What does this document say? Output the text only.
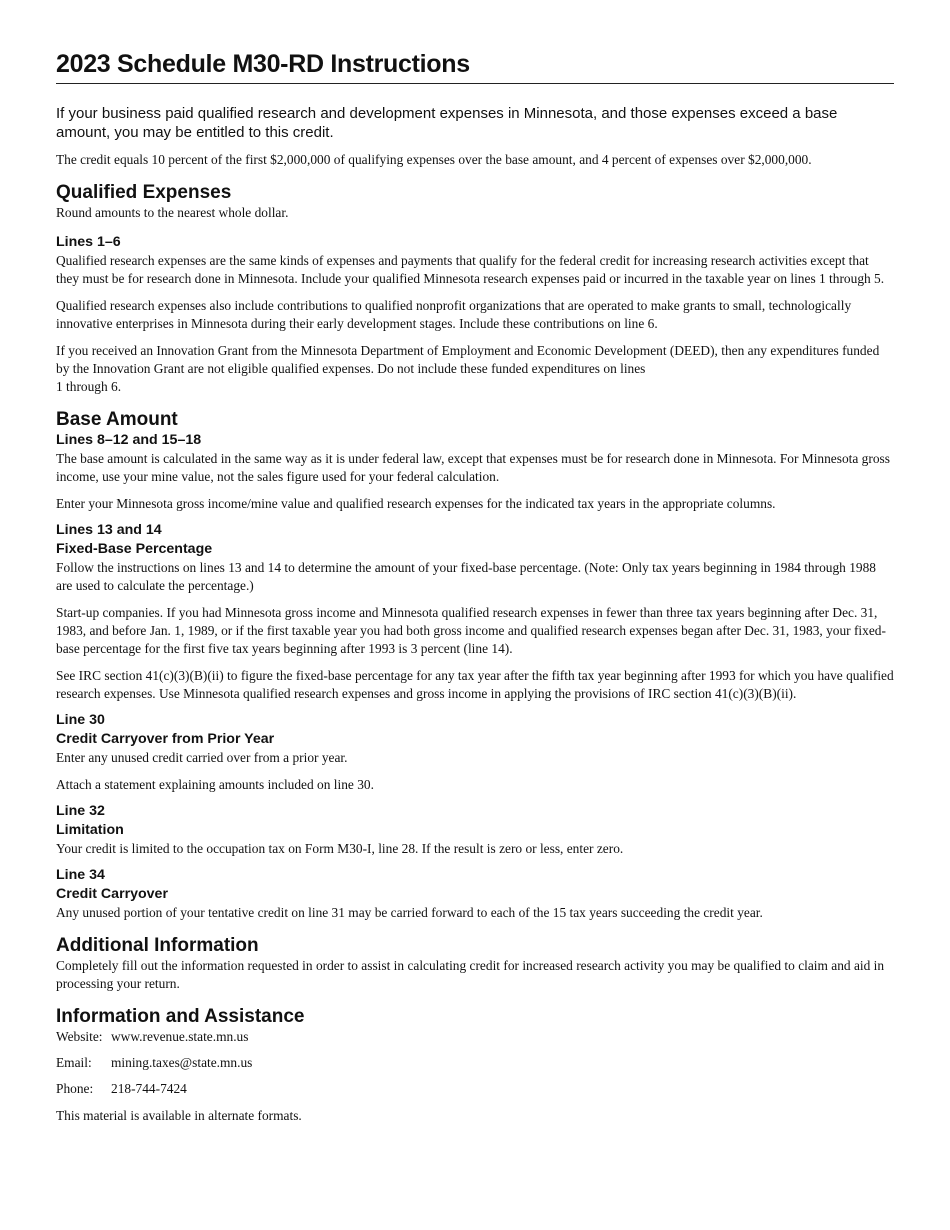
2023 Schedule M30-RD Instructions

If your business paid qualified research and development expenses in Minnesota, and those expenses exceed a base amount, you may be entitled to this credit.

The credit equals 10 percent of the first $2,000,000 of qualifying expenses over the base amount, and 4 percent of expenses over $2,000,000.

Qualified Expenses

Round amounts to the nearest whole dollar.

Lines 1–6

Qualified research expenses are the same kinds of expenses and payments that qualify for the federal credit for increasing research activities except that they must be for research done in Minnesota. Include your qualified Minnesota research expenses paid or incurred in the taxable year on lines 1 through 5.

Qualified research expenses also include contributions to qualified nonprofit organizations that are operated to make grants to small, technologically innovative enterprises in Minnesota during their early development stages. Include these contributions on line 6.

If you received an Innovation Grant from the Minnesota Department of Employment and Economic Development (DEED), then any expenditures funded by the Innovation Grant are not eligible qualified expenses. Do not include these funded expenditures on lines
1 through 6.

Base Amount
Lines 8–12 and 15–18

The base amount is calculated in the same way as it is under federal law, except that expenses must be for research done in Minnesota. For Minnesota gross income, use your mine value, not the sales figure used for your federal calculation.

Enter your Minnesota gross income/mine value and qualified research expenses for the indicated tax years in the appropriate columns.

Lines 13 and 14
Fixed-Base Percentage

Follow the instructions on lines 13 and 14 to determine the amount of your fixed-base percentage. (Note: Only tax years beginning in 1984 through 1988 are used to calculate the percentage.)

Start-up companies. If you had Minnesota gross income and Minnesota qualified research expenses in fewer than three tax years beginning after Dec. 31, 1983, and before Jan. 1, 1989, or if the first taxable year you had both gross income and qualified research expenses began after Dec. 31, 1983, your fixed-base percentage for the first five tax years beginning after 1993 is 3 percent (line 14).

See IRC section 41(c)(3)(B)(ii) to figure the fixed-base percentage for any tax year after the fifth tax year beginning after 1993 for which you have qualified research expenses. Use Minnesota qualified research expenses and gross income in applying the provisions of IRC section 41(c)(3)(B)(ii).

Line 30
Credit Carryover from Prior Year

Enter any unused credit carried over from a prior year.

Attach a statement explaining amounts included on line 30.

Line 32
Limitation

Your credit is limited to the occupation tax on Form M30-I, line 28. If the result is zero or less, enter zero.

Line 34
Credit Carryover

Any unused portion of your tentative credit on line 31 may be carried forward to each of the 15 tax years succeeding the credit year.

Additional Information

Completely fill out the information requested in order to assist in calculating credit for increased research activity you may be qualified to claim and aid in processing your return.

Information and Assistance
Website: www.revenue.state.mn.us
Email:	mining.taxes@state.mn.us
Phone:	218-744-7424

This material is available in alternate formats.
